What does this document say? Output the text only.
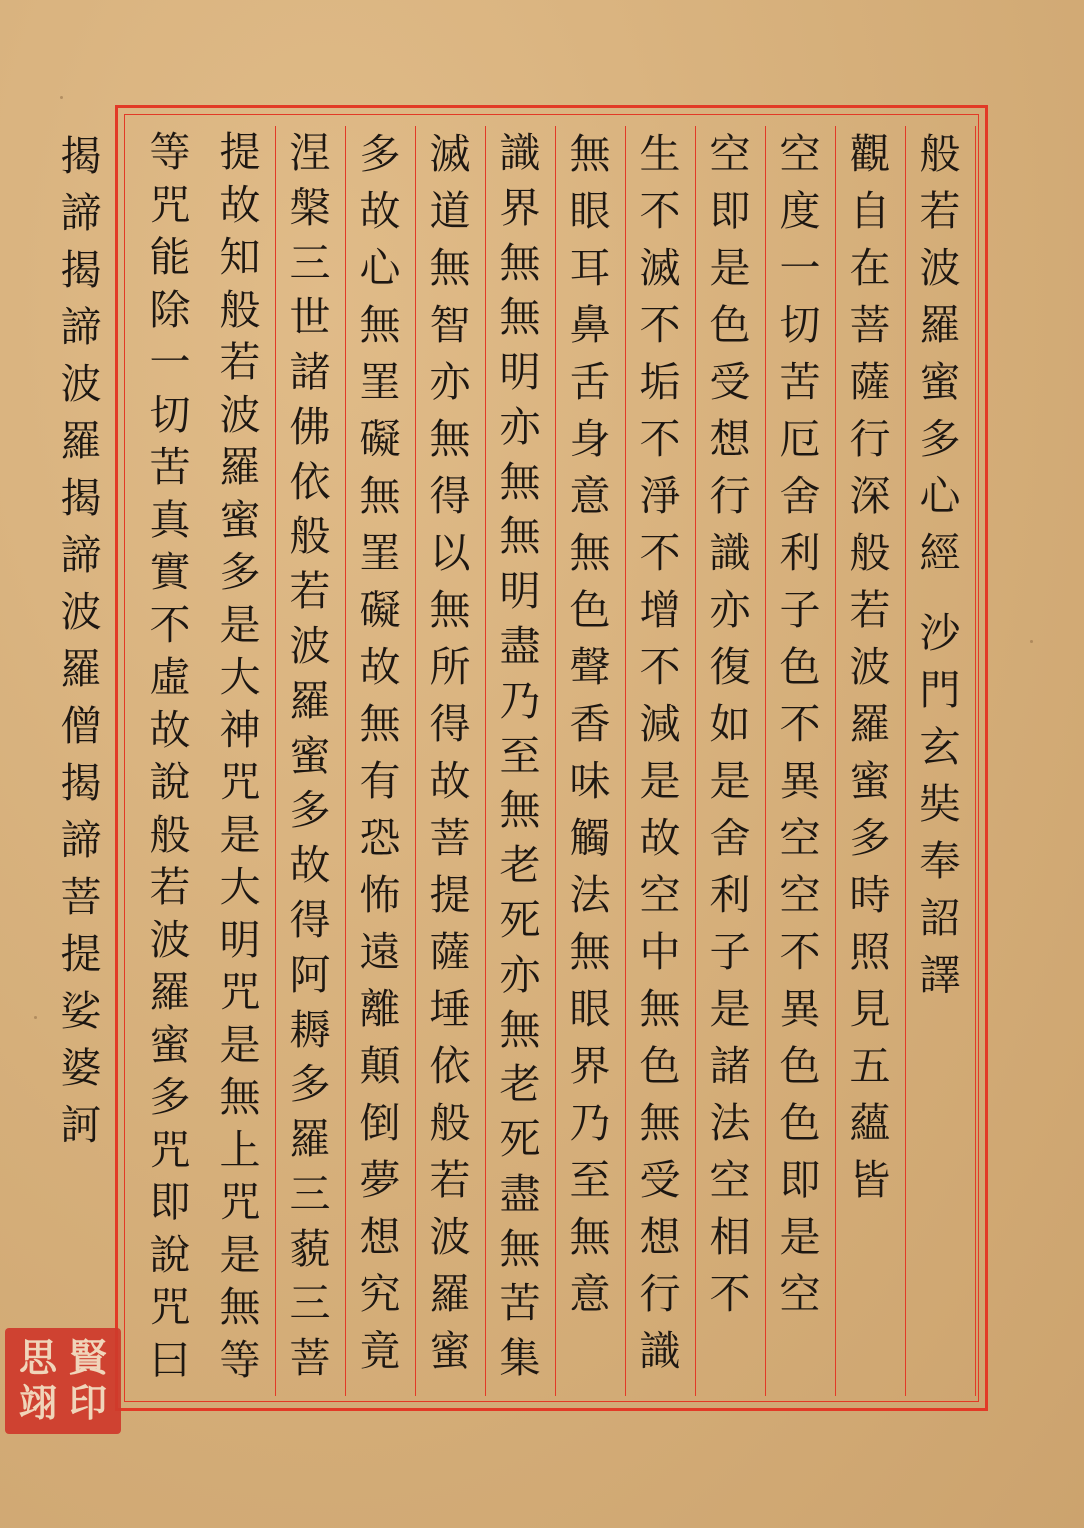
般
若
波
羅
蜜
多
心
經
沙
門
玄
奘
奉
詔
譯
觀
自
在
菩
薩
行
深
般
若
波
羅
蜜
多
時
照
見
五
蘊
皆
空
度
一
切
苦
厄
舍
利
子
色
不
異
空
空
不
異
色
色
即
是
空
空
即
是
色
受
想
行
識
亦
復
如
是
舍
利
子
是
諸
法
空
相
不
生
不
滅
不
垢
不
淨
不
增
不
減
是
故
空
中
無
色
無
受
想
行
識
無
眼
耳
鼻
舌
身
意
無
色
聲
香
味
觸
法
無
眼
界
乃
至
無
意
識
界
無
無
明
亦
無
無
明
盡
乃
至
無
老
死
亦
無
老
死
盡
無
苦
集
滅
道
無
智
亦
無
得
以
無
所
得
故
菩
提
薩
埵
依
般
若
波
羅
蜜
多
故
心
無
罣
礙
無
罣
礙
故
無
有
恐
怖
遠
離
顛
倒
夢
想
究
竟
涅
槃
三
世
諸
佛
依
般
若
波
羅
蜜
多
故
得
阿
耨
多
羅
三
藐
三
菩
提
故
知
般
若
波
羅
蜜
多
是
大
神
咒
是
大
明
咒
是
無
上
咒
是
無
等
等
咒
能
除
一
切
苦
真
實
不
虛
故
說
般
若
波
羅
蜜
多
咒
即
說
咒
曰
揭
諦
揭
諦
波
羅
揭
諦
波
羅
僧
揭
諦
菩
提
娑
婆
訶
思 賢
翊 印
